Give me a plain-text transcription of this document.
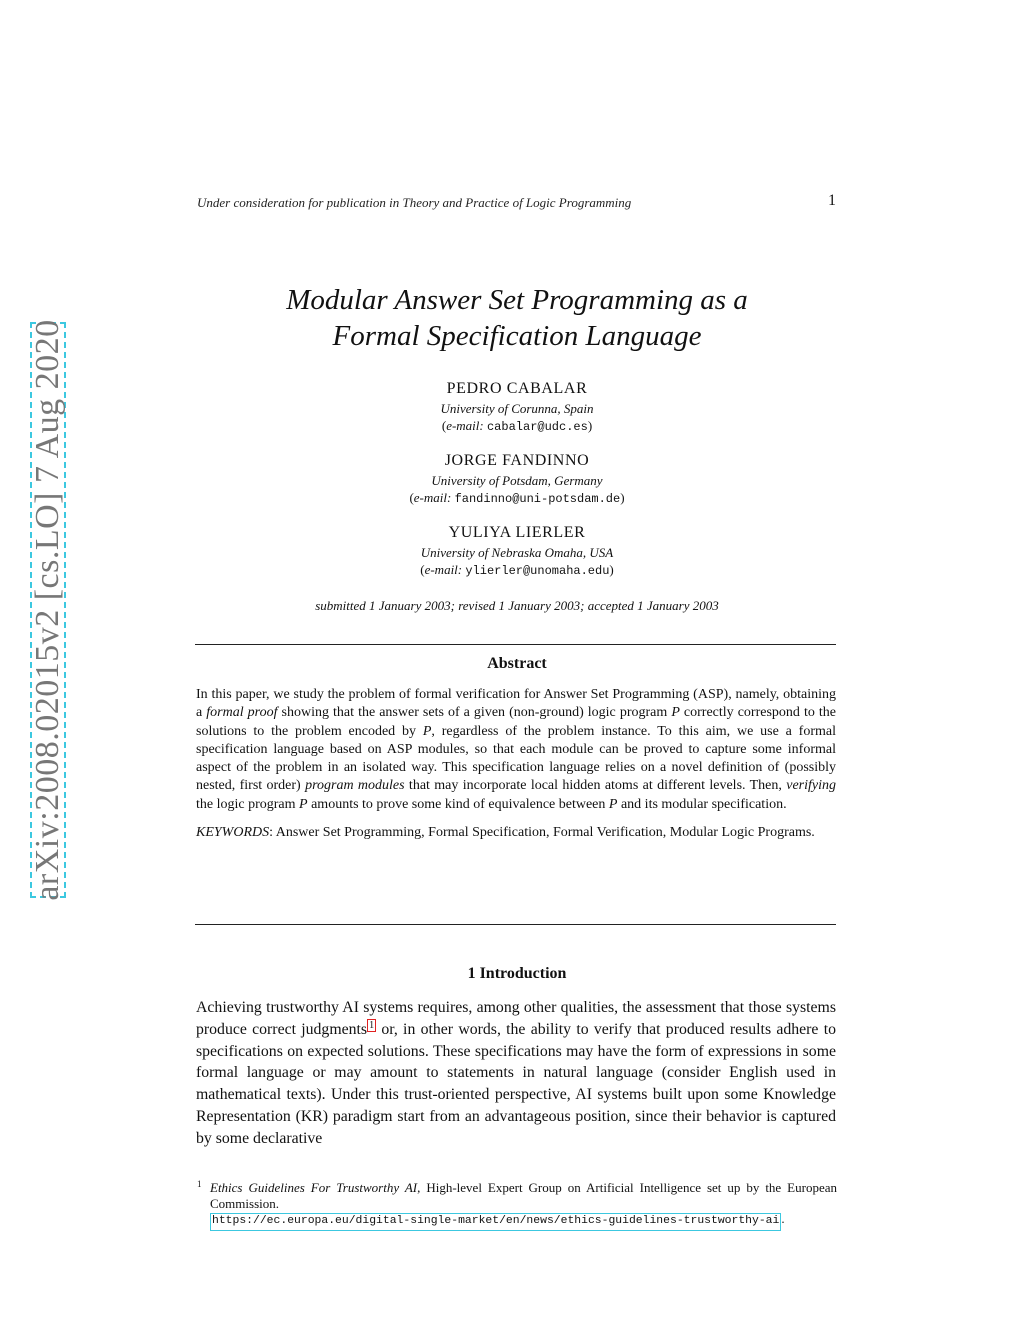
arXiv:2008.02015v2 [cs.LO] 7 Aug 2020
Under consideration for publication in Theory and Practice of Logic Programming	1
Modular Answer Set Programming as a
Formal Specification Language
PEDRO CABALAR
University of Corunna, Spain
(e-mail: cabalar@udc.es)
JORGE FANDINNO
University of Potsdam, Germany
(e-mail: fandinno@uni-potsdam.de)
YULIYA LIERLER
University of Nebraska Omaha, USA
(e-mail: ylierler@unomaha.edu)
submitted 1 January 2003; revised 1 January 2003; accepted 1 January 2003
Abstract

In this paper, we study the problem of formal verification for Answer Set Programming (ASP), namely, obtaining a formal proof showing that the answer sets of a given (non-ground) logic program P correctly correspond to the solutions to the problem encoded by P, regardless of the problem instance. To this aim, we use a formal specification language based on ASP modules, so that each module can be proved to capture some informal aspect of the problem in an isolated way. This specification language relies on a novel definition of (possibly nested, first order) program modules that may incorporate local hidden atoms at different levels. Then, verifying the logic program P amounts to prove some kind of equivalence between P and its modular specification.

KEYWORDS: Answer Set Programming, Formal Specification, Formal Verification, Modular Logic Programs.

1 Introduction

Achieving trustworthy AI systems requires, among other qualities, the assessment that those systems produce correct judgments $^1$ or, in other words, the ability to verify that produced results adhere to specifications on expected solutions. These specifications may have the form of expressions in some formal language or may amount to statements in natural language (consider English used in mathematical texts). Under this trust-oriented perspective, AI systems built upon some Knowledge Representation (KR) paradigm start from an advantageous position, since their behavior is captured by some declarative

1 Ethics Guidelines For Trustworthy AI, High-level Expert Group on Artificial Intelligence set up by the European Commission.
https://ec.europa.eu/digital-single-market/en/news/ethics-guidelines-trustworthy-ai .
